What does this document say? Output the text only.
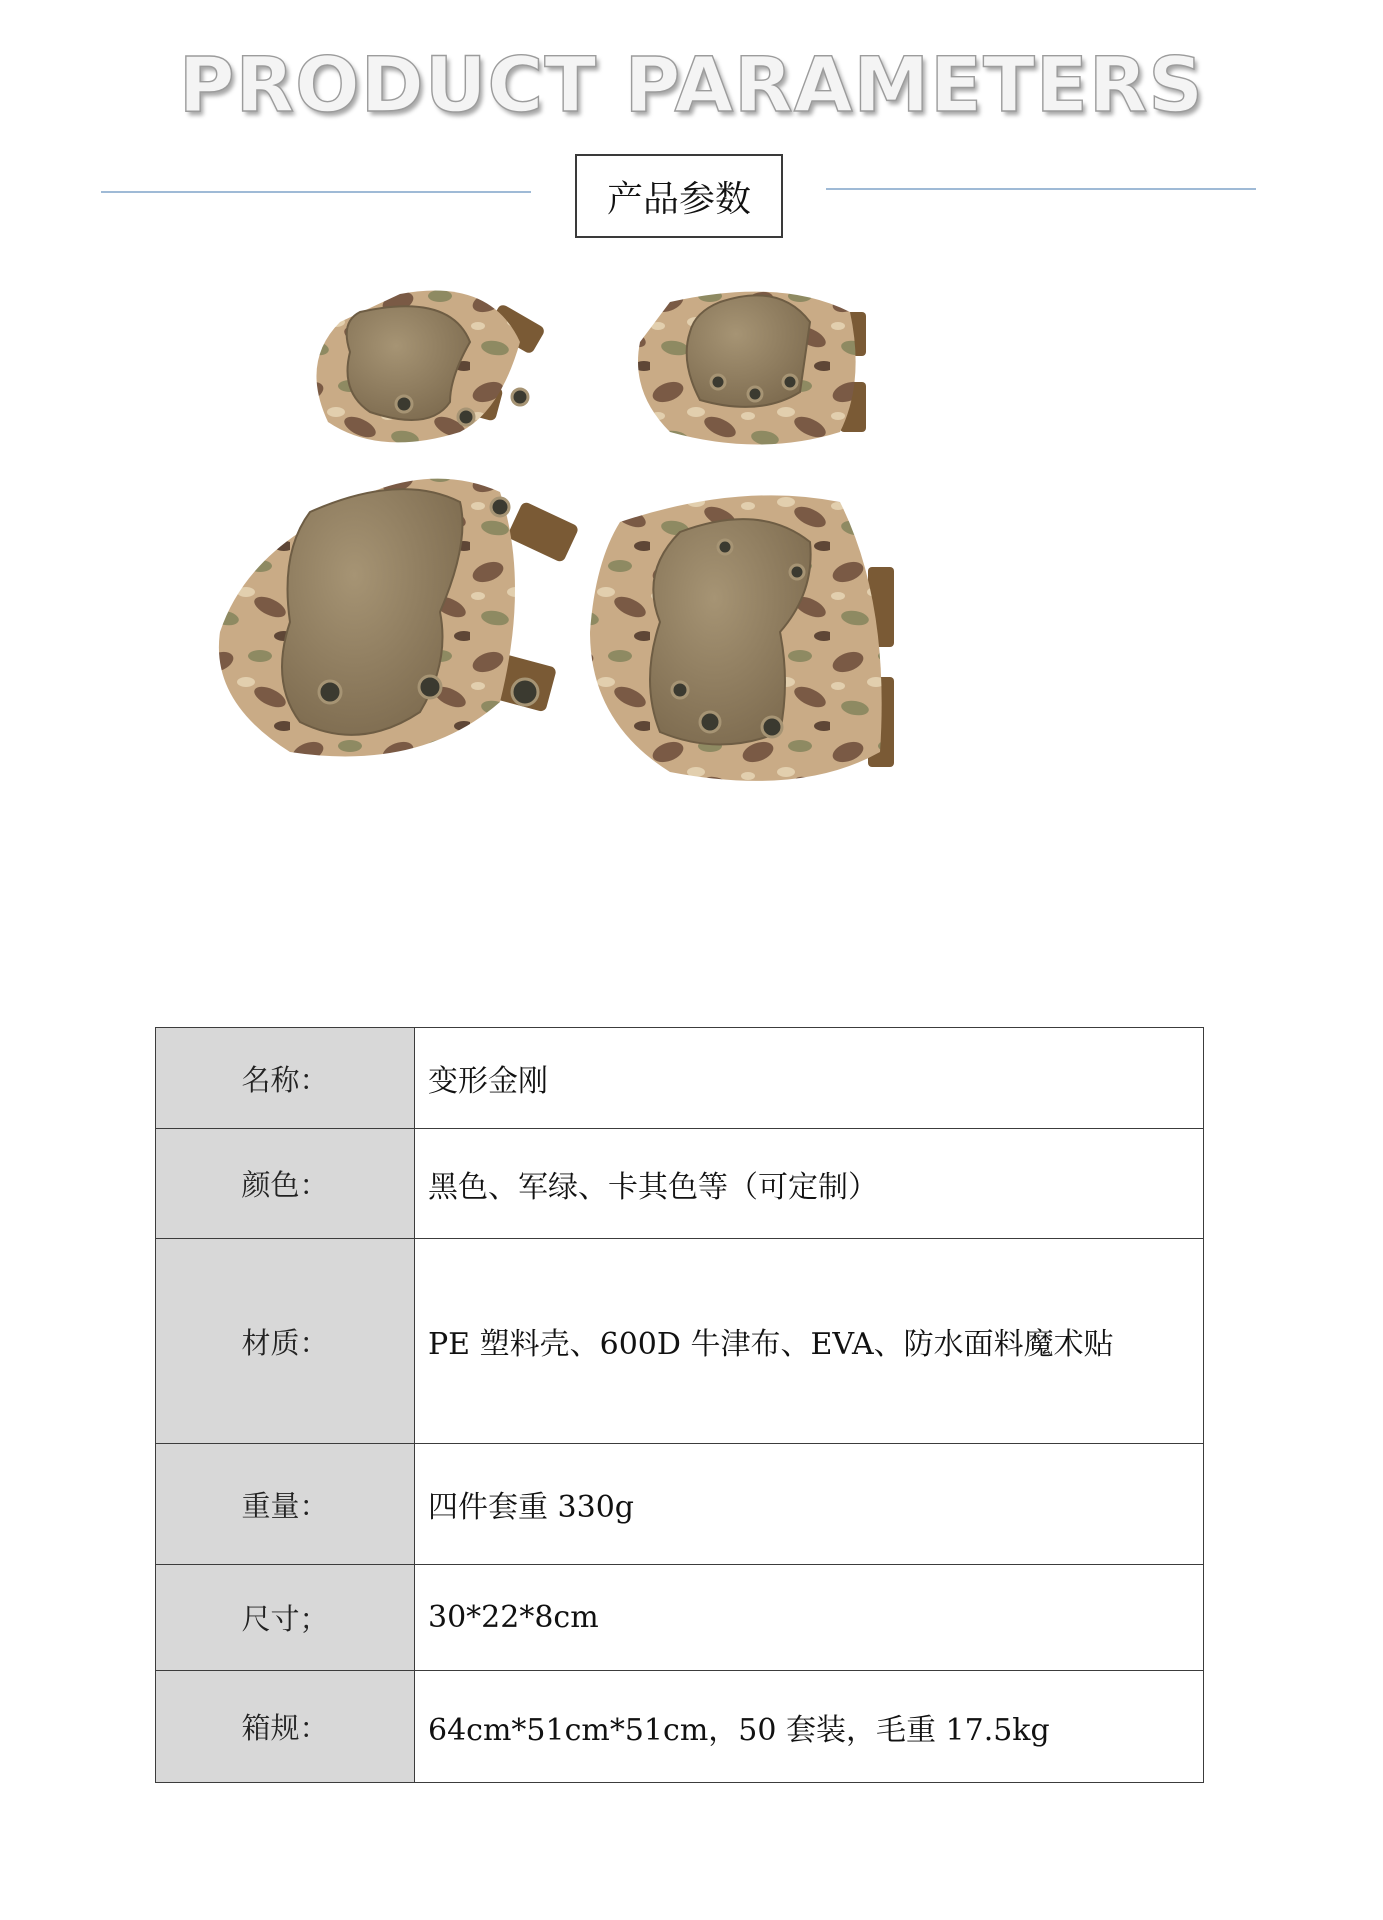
PRODUCT PARAMETERS
产品参数
名称：	变形金刚
颜色：	黑色、军绿、卡其色等（可定制）
材质：	PE 塑料壳、600D 牛津布、EVA、防水面料魔术贴
重量：	四件套重 330g
尺寸；	30*22*8cm
箱规：	64cm*51cm*51cm，50 套装，毛重 17.5kg
